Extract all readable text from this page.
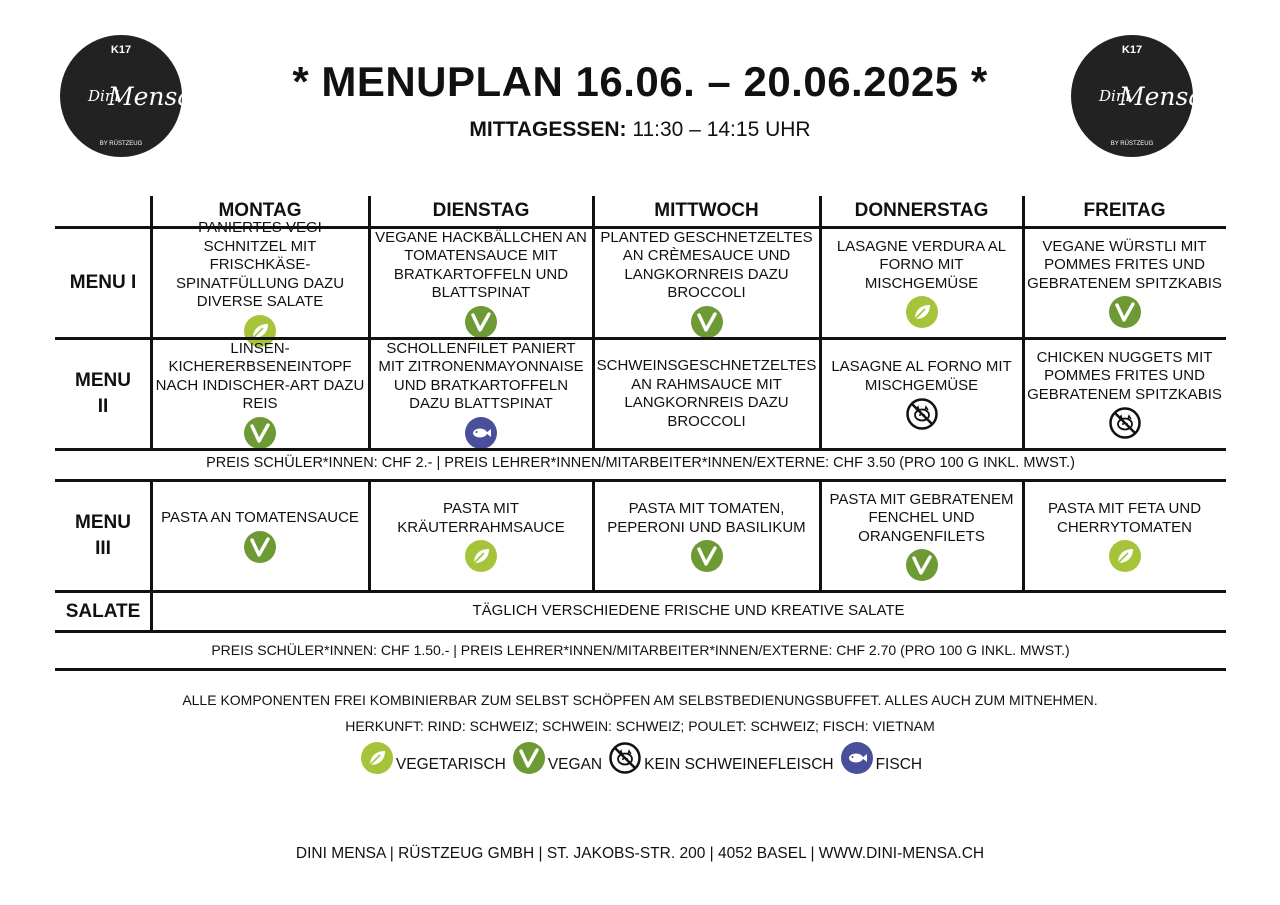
K17
Dini
Mens
BY RÜSTZEUG
K17
Dini
Mens
BY RÜSTZEUG
* MENUPLAN 16.06. – 20.06.2025 *
MITTAGESSEN: 11:30 – 14:15 UHR
MONTAG	DIENSTAG	MITTWOCH	DONNERSTAG	FREITAG
MENU I
SCHNITZEL MIT FRISCHKÄSE-SPINATFÜLLUNG DAZU DIVERSE SALATE
VEGANE HACKBÄLLCHEN AN TOMATENSAUCE MIT BRATKARTOFFELN UND BLATTSPINAT
PLANTED GESCHNETZELTES AN CRÈMESAUCE UND LANGKORNREIS DAZU BROCCOLI
LASAGNE VERDURA AL FORNO MIT MISCHGEMÜSE
VEGANE WÜRSTLI MIT POMMES FRITES UND GEBRATENEM SPITZKABIS
MENU
II
LINSEN-KICHERERBSENEINTOPF NACH INDISCHER-ART DAZU REIS
SCHOLLENFILET PANIERT MIT ZITRONENMAYONNAISE UND BRATKARTOFFELN DAZU BLATTSPINAT
SCHWEINSGESCHNETZELTES AN RAHMSAUCE MIT LANGKORNREIS DAZU BROCCOLI
LASAGNE AL FORNO MIT MISCHGEMÜSE
CHICKEN NUGGETS MIT POMMES FRITES UND GEBRATENEM SPITZKABIS
MENU
III
PASTA AN TOMATENSAUCE
PASTA MIT KRÄUTERRAHMSAUCE
PASTA MIT TOMATEN, PEPERONI UND BASILIKUM
PASTA MIT GEBRATENEM FENCHEL UND ORANGENFILETS
PASTA MIT FETA UND CHERRYTOMATEN
PREIS SCHÜLER*INNEN: CHF 2.- | PREIS LEHRER*INNEN/MITARBEITER*INNEN/EXTERNE: CHF 3.50 (PRO 100 G INKL. MWST.)
SALATE	TÄGLICH VERSCHIEDENE FRISCHE UND KREATIVE SALATE
PREIS SCHÜLER*INNEN: CHF 1.50.- | PREIS LEHRER*INNEN/MITARBEITER*INNEN/EXTERNE: CHF 2.70 (PRO 100 G INKL. MWST.)
ALLE KOMPONENTEN FREI KOMBINIERBAR ZUM SELBST SCHÖPFEN AM SELBSTBEDIENUNGSBUFFET. ALLES AUCH ZUM MITNEHMEN.
HERKUNFT: RIND: SCHWEIZ; SCHWEIN: SCHWEIZ; POULET: SCHWEIZ; FISCH: VIETNAM
VEGETARISCH	VEGAN	KEIN SCHWEINEFLEISCH	FISCH
DINI MENSA | RÜSTZEUG GMBH | ST. JAKOBS-STR. 200 | 4052 BASEL | WWW.DINI-MENSA.CH
